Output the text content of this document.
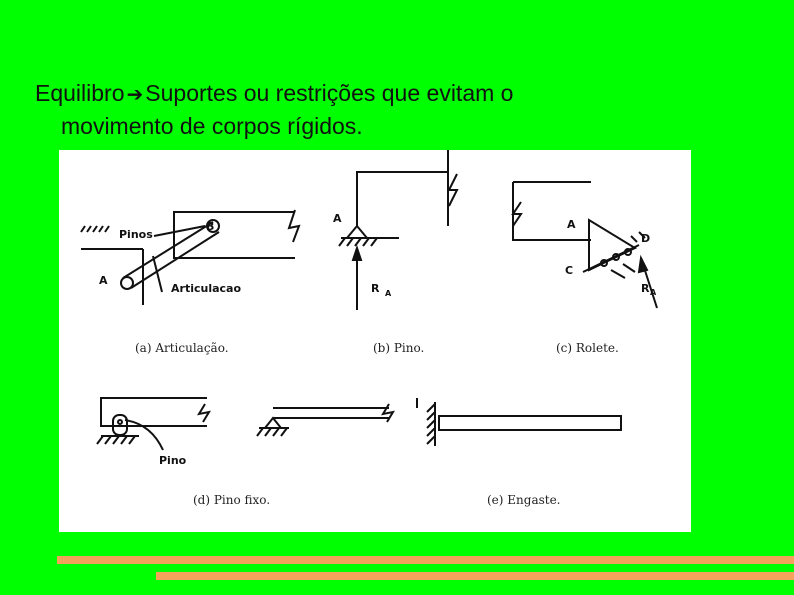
Equilibro ➔Suportes ou restrições que evitam o
movimento de corpos rígidos.
Pinos
B
A
Articulacao
A
R A
A
D
C
R A
Pino
(a) Articulação.	(b) Pino.	(c) Rolete.
(d) Pino fixo.	(e) Engaste.
